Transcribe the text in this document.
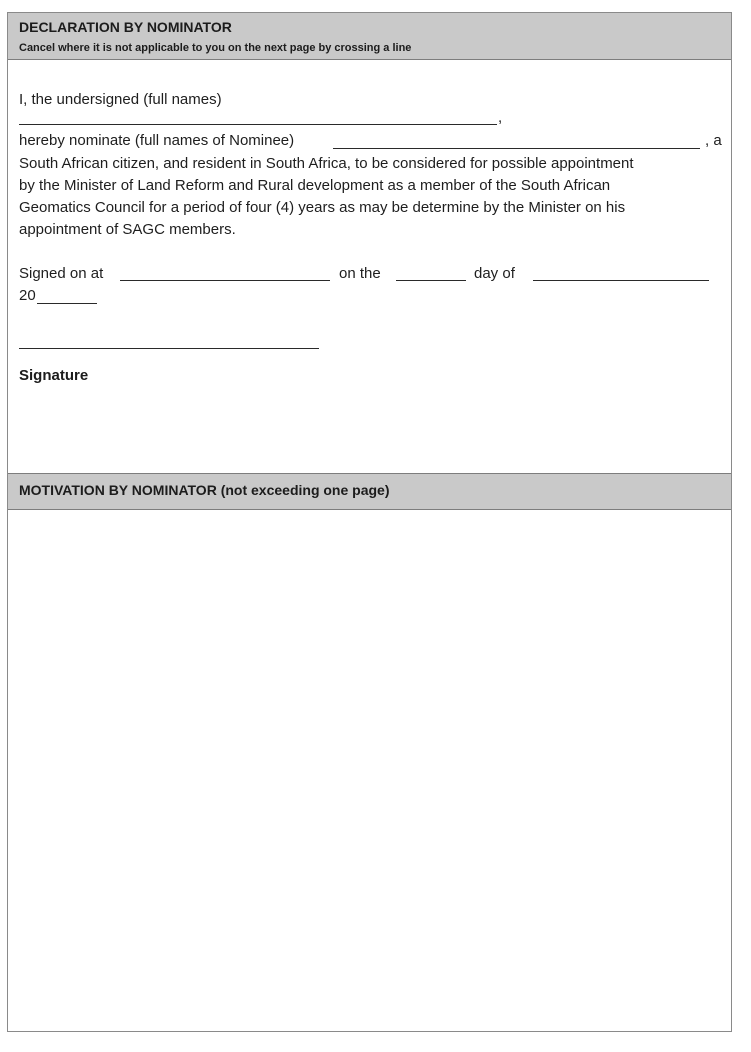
DECLARATION BY NOMINATOR
Cancel where it is not applicable to you on the next page by crossing a line
I, the undersigned (full names)
,
hereby nominate (full names of Nominee)	, a
South African citizen, and resident in South Africa, to be considered for possible appointment
by the Minister of Land Reform and Rural development as a member of the South African
Geomatics Council for a period of four (4) years as may be determine by the Minister on his
appointment of SAGC members.
Signed on at	on the	day of
20
Signature
MOTIVATION BY NOMINATOR (not exceeding one page)
